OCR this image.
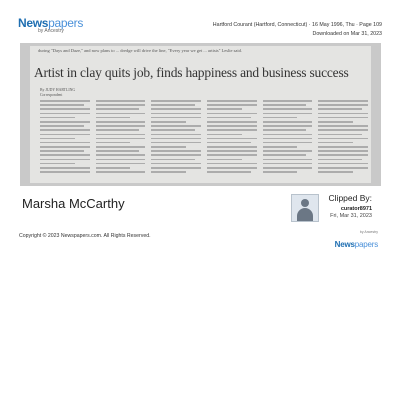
Newspapers
by Ancestry
Hartford Courant (Hartford, Connecticut) · 16 May 1996, Thu · Page 109
Downloaded on Mar 31, 2023
during "Days and Daze," and now plans to ... dredge will drive the line, "Every year we get ... artists" Leslie said.
Artist in clay quits job, finds happiness and business success
By JUDY HARTLING
Correspondent
Marsha McCarthy	Clipped By:
curator8971
Fri, Mar 31, 2023
Copyright © 2023 Newspapers.com. All Rights Reserved.
by Ancestry
Newspapers
